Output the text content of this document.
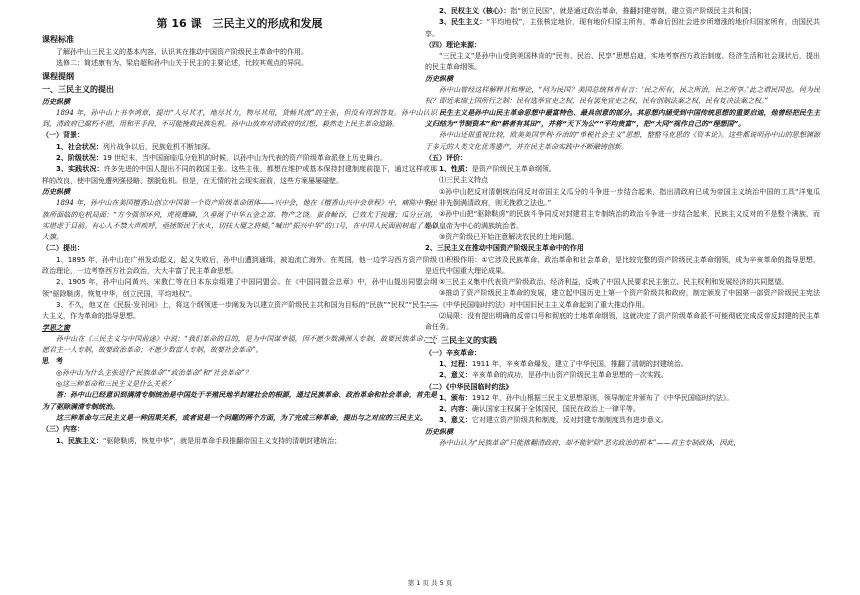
第 16 课　三民主义的形成和发展
课程标准
了解孙中山三民主义的基本内容，认识其在推动中国资产阶级民主革命中的作用。
选修二：简述康有为、梁启超和孙中山关于民主的主要论述，比较其观点的异同。
课程提纲
一、三民主义的提出
历史纵横
1894 年，孙中山上书李鸿章，提出“人尽其才，地尽其力，物尽其用，货畅其流”的主张，但没有得到答复。孙中山认识到，清政府已腐朽不堪，用和平手段，不可能挽救民族危机。孙中山放弃对清政府的幻想，毅然走上民主革命道路。
（一）背景：
1、社会状况：列片战争以后，民族危机不断加深。
2、阶级状况：19 世纪末，当中国面临瓜分危机的时候，以孙中山为代表的资产阶级革命派登上历史舞台。
3、实践状况：许多先进的中国人提出不同的救国主张。这些主张，都想在维护或基本保持封建制度前提下，通过这样或那样的改良，使中国免遭列强侵略、摆脱危机。但是，在无情的社会现实面前，这些方案屡屡碰壁。
历史纵横
1894 年，孙中山在美国檀香山创立中国第一个资产阶级革命团体——兴中会，他在《檀香山兴中会章程》中，痛陈中华民族所面临的危机局面：“方今强邻环列，虎视鹰瞵，久垂涎于中华五金之富、物产之饶。蚕食鲸吞，已效尤于接踵；瓜分豆剖，实堪虑于目前。有心人不禁大声疾呼，亟拯斯民于水火，切扶大厦之将倾。”喊出“振兴中华”的口号，在中国人民面前树起了革命大旗。
（二）提出：
1、1895 年，孙中山在广州发动起义，起义失败后，孙中山遭到通缉，被迫流亡海外。在英国，他一边学习西方资产阶级政治理论，一边考察西方社会政治，大大丰富了民主革命思想。
2、1905 年，孙中山同黄兴、宋教仁等在日本东京组建了中国同盟会。在《中国同盟会总章》中，孙中山提出同盟会纲领“驱除鞑虏，恢复中华，创立民国，平均地权”。
3、不久，他又在《民报·发刊词》上，将这个纲领进一步阐发为以建立资产阶级民主共和国为目标的“民族”“民权”“民生”三大主义，作为革命的指导思想。
学思之窗
孙中山在《三民主义与中国前途》中说：“我们革命的目的，是为中国谋幸福，因不愿少数满洲人专制，故要民族革命；不愿君主一人专制，故要政治革命；不愿少数富人专制，故要社会革命”。
思　考
◎孙中山为什么主张进行“民族革命”“政治革命”和“社会革命”？
◎这三种革命和三民主义是什么关系？
答：孙中山已经意识到满清专制统治是中国处于半殖民地半封建社会的根源，通过民族革命、政治革命和社会革命，首先是为了驱除满清专制统治。
这三种革命与三民主义是一种因果关系，或者说是一个问题的两个方面，为了完成三种革命，提出与之对应的三民主义。
（三）内容：
1、民族主义：“驱除鞑虏，恢复中华”，就是用革命手段推翻帝国主义支持的清朝封建统治；
2、民权主义（核心）：指“创立民国”，就是通过政治革命，推翻封建帝制，建立资产阶级民主共和国；
3、民生主义：“平均地权”，主张核定地价，现有地价归原主所有，革命后因社会进步所增涨的地价归国家所有，由国民共享。
（四）理论来源：
“三民主义”是孙中山受到美国林肯的“民有、民治、民享”思想启迪，实地考察西方政治制度、经济生活和社会现状后，提出的民主革命纲领。
历史纵横
孙中山曾经这样解释其和理论，“何为民国？美国总统林肯有言：‘民之所有，民之所治，民之所享。’此之谓民国也。何为民权？即近来瑞士国所行之制：民有选举官吏之权，民有罢免官吏之权，民有创制法案之权，民有复决法案之权。”
民生主义是孙中山民主革命思想中最富特色、最具创意的部分。其思想内涵受到中国传统思想的重要启迪，他曾经把民生主义归结为“节制资本”和“耕者有其田”，并将“天下为公”“平均贵富”，把“大同”视作自己的“理想国”。
孙中山还很重视比较，欧美美国亨利·乔治的“单税社会主义”思想，整整马克思的《资本论》。这些都说明孙中山的思想渊源于多元的人类文化优秀遗产，并在民主革命实践中不断融铸创新。
（五）评价：
1、性质：是资产阶级民主革命纲领。
⑴三民主义特点
①孙中山把反对清朝统治同反对帝国主义瓜分的斗争进一步结合起来，指出清政府已成为帝国主义统治中国的工具“洋鬼瓜分，非先倒满清政府，则无挽救之法也。”
②孙中山把“驱除鞑虏”的民族斗争同反对封建君主专制统治的政治斗争进一步结合起来，民族主义反对的不是整个满族，而是以皇帝为中心的满族统治者。
③资产阶级已开始注意解决农民的土地问题。
2、三民主义在推动中国资产阶级民主革命中的作用
⑴积极作用：①它涉及民族革命、政治革命和社会革命，是比较完整的资产阶级民主革命纲领，成为辛亥革命的指导思想，是近代中国重大理论成果。
②三民主义集中代表资产阶级政治、经济利益，反映了中国人民要求民主独立、民主权利和发展经济的共同愿望。
③推动了资产阶级民主革命的发展，建立起中国历史上第一个资产阶级共和政府，制定颁发了中国第一部资产阶级民主宪法——《中华民国临时约法》对中国旧民主主义革命起到了重大推动作用。
⑵局限：没有提出明确的反帝口号和彻底的土地革命纲领，这就决定了资产阶级革命派不可能彻底完成反帝反封建的民主革命任务。
二、三民主义的实践
（一）辛亥革命：
1、过程：1911 年，辛亥革命爆发，建立了中华民国，推翻了清朝的封建统治。
2、意义：辛亥革命的成功，是孙中山资产阶级民主革命思想的一次实践。
（二）《中华民国临时约法》
1、颁布：1912 年，孙中山根据三民主义思想原则，领导制定并颁布了《中华民国临时约法》。
2、内容：确认国家主权属于全体国民，国民在政治上一律平等。
3、意义：它对建立资产阶级共和制度，反对封建专制制度具有进步意义。
历史纵横
孙中山认为“民族革命”只能推翻清政府，却不能铲除“恶劣政治的根本”——君主专制政体，因此，
第 1 页 共 5 页
